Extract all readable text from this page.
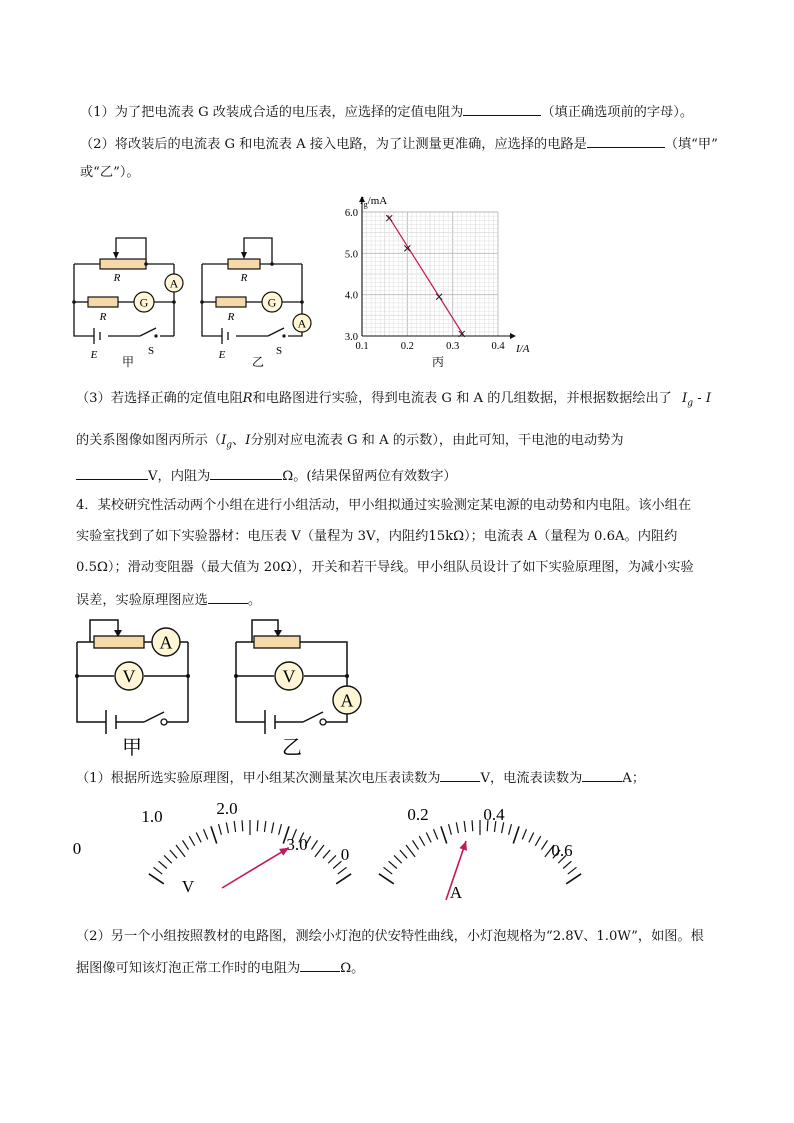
（1）为了把电流表 G 改装成合适的电压表，应选择的定值电阻为	（填正确选项前的字母）。
（2）将改装后的电流表 G 和电流表 A 接入电路，为了让测量更准确，应选择的电路是	（填“甲”
或“乙”）。
A
G	G
A
R
R
R
R
E	E
S	S
甲	乙
0.1	0.2	0.3	0.4
3.0
4.0
5.0
6.0
$I_g/mA$
I/A
丙
（3）若选择正确的定值电阻R和电路图进行实验，得到电流表 G 和 A 的几组数据，并根据数据绘出了 $I_g$ - I
的关系图像如图丙所示（$I_g$、I分别对应电流表 G 和 A 的示数），由此可知，干电池的电动势为
V，内阻为	Ω。(结果保留两位有效数字）
4．某校研究性活动两个小组在进行小组活动，甲小组拟通过实验测定某电源的电动势和内电阻。该小组在
实验室找到了如下实验器材：电压表 V（量程为 3V，内阻约15kΩ）；电流表 A（量程为 0.6A。内阻约
0.5Ω）；滑动变阻器（最大值为 20Ω），开关和若干导线。甲小组队员设计了如下实验原理图，为减小实验
误差，实验原理图应选	。
A
V	V
A
甲	乙
（1）根据所选实验原理图，甲小组某次测量某次电压表读数为	V，电流表读数为	A；
0
1.0	2.0
3.0
V
0
0.2	0.4
0.6
A
（2）另一个小组按照教材的电路图，测绘小灯泡的伏安特性曲线，小灯泡规格为“2.8V、1.0W”，如图。根
据图像可知该灯泡正常工作时的电阻为	Ω。
